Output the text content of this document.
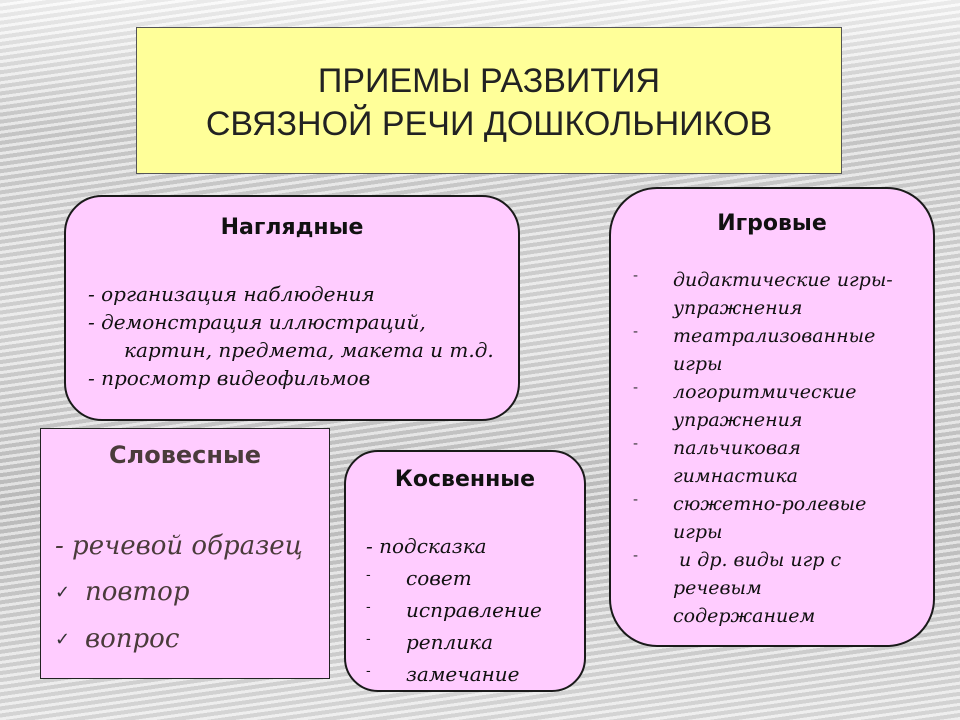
ПРИЕМЫ РАЗВИТИЯ
СВЯЗНОЙ РЕЧИ ДОШКОЛЬНИКОВ
Наглядные
- организация наблюдения
- демонстрация иллюстраций,
картин, предмета, макета и т.д.
- просмотр видеофильмов
Игровые
- дидактические игры-
упражнения
- театрализованные
игры
- логоритмические
упражнения
- пальчиковая
гимнастика
- сюжетно-ролевые
игры
- и др. виды игр с
речевым
содержанием
Словесные
- речевой образец
✓ повтор
✓ вопрос
Косвенные
- подсказка
- совет
- исправление
- реплика
- замечание
